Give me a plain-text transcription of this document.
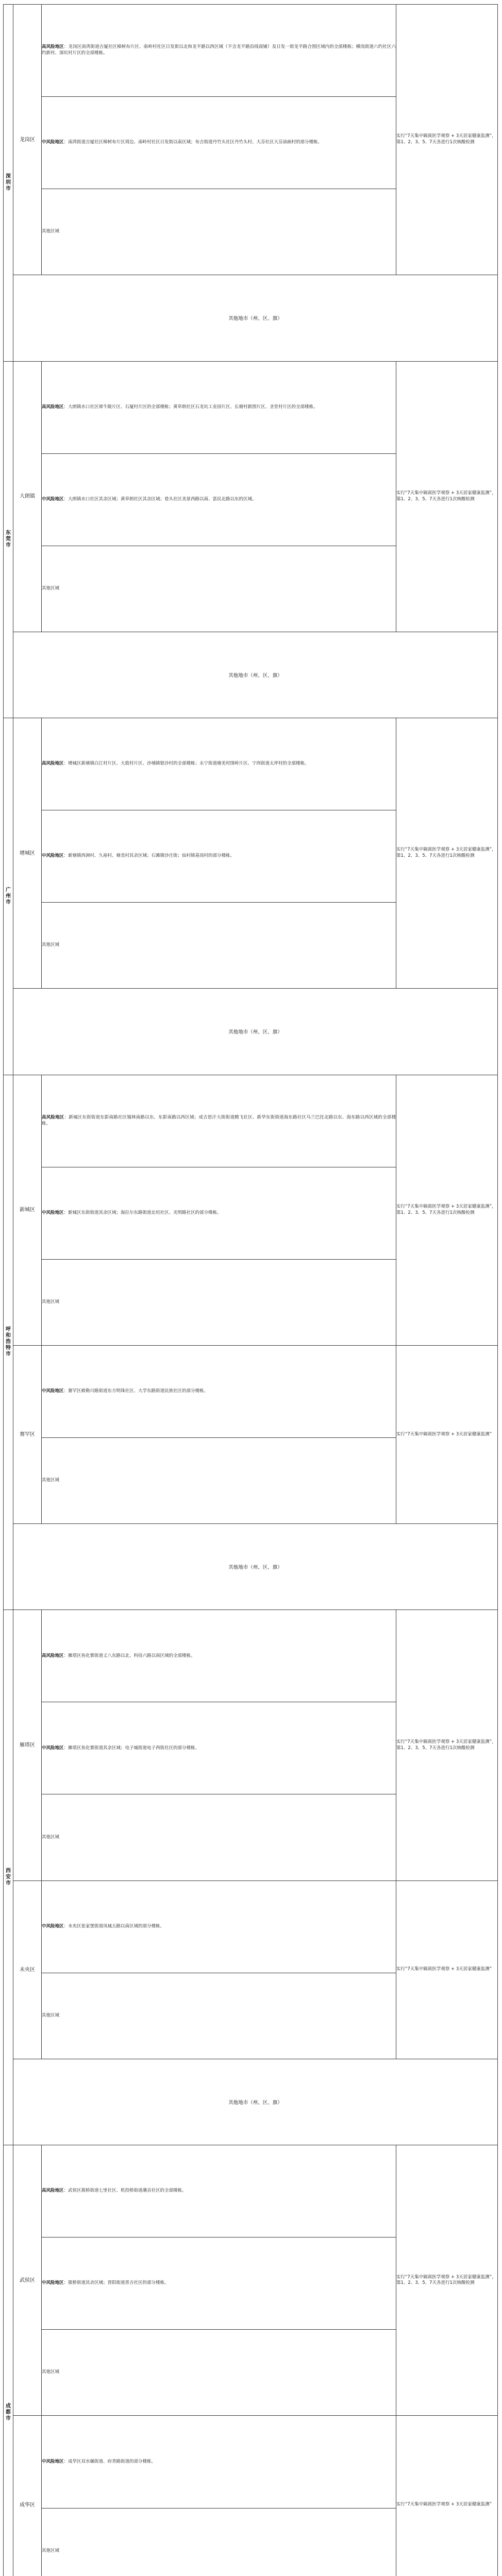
深圳市	龙岗区	高风险地区：龙岗区南湾街道吉厦社区樟树布片区、南岭村社区日发街以北和龙平路以西区域（不含龙平路沿线商铺）及日发一街龙平路合围区域内的全部楼栋；横岗街道六约社区六约新村、深坑村片区的全部楼栋。	实行“7天集中隔离医学观察 + 3天居家健康监测”，第1、2、3、5、7天各进行1次核酸检测
		中风险地区：南湾街道吉厦社区樟树布片区周边、南岭村社区日发街以南区域；布吉街道丹竹头社区丹竹头村、大芬社区大芬油画村的部分楼栋。	
		其他区域	
	其他地市（州、区、旗）		
东莞市	大朗镇	高风险地区：大朗镇水口社区犀牛陂片区、石厦村片区的全部楼栋；黄草朗社区石龙坑工业园片区、长塘村新围片区、圣堂村片区的全部楼栋。	实行“7天集中隔离医学观察 + 3天居家健康监测”，第1、2、3、5、7天各进行1次核酸检测
		中风险地区：大朗镇水口社区其余区域；黄草朗社区其余区域；巷头社区美景西路以南、富民北路以东的区域。	
		其他区域	
	其他地市（州、区、旗）		
广州市	增城区	高风险地区：增城区新塘镇白江村片区、大敦村片区、沙埔镇银沙村的全部楼栋；永宁街道塘美村围岭片区、宁西街道太坪村的全部楼栋。	实行“7天集中隔离医学观察 + 3天居家健康监测”，第1、2、3、5、7天各进行1次核酸检测
		中风险地区：新塘镇西洲村、久裕村、塘美村其余区域；石滩镇沙庄街；仙村镇基岗村的部分楼栋。	
		其他区域	
	其他地市（州、区、旗）		
呼和浩特市	新城区	高风险地区：新城区东街街道东影南路社区锡林南路以东、东影南路以西区域；成吉思汗大街街道腾飞社区、新华东街街道海东路社区乌兰巴托北路以东、海东路以西区域的全部楼栋。	实行“7天集中隔离医学观察 + 3天居家健康监测”，第1、2、3、5、7天各进行1次核酸检测
		中风险地区：新城区东街街道其余区域；海拉尔东路街道北垣社区、光明路社区的部分楼栋。	
		其他区域	
	赛罕区	中风险地区：赛罕区敕勒川路街道东方明珠社区、大学东路街道民族社区的部分楼栋。	实行“7天集中隔离医学观察 + 3天居家健康监测”
		其他区域	
	其他地市（州、区、旗）		
西安市	雁塔区	高风险地区：雁塔区鱼化寨街道丈八东路以北、科技六路以南区域的全部楼栋。	实行“7天集中隔离医学观察 + 3天居家健康监测”，第1、2、3、5、7天各进行1次核酸检测
		中风险地区：雁塔区鱼化寨街道其余区域；电子城街道电子西街社区的部分楼栋。	
		其他区域	
	未央区	中风险地区：未央区张家堡街道凤城五路以南区域的部分楼栋。	实行“7天集中隔离医学观察 + 3天居家健康监测”
		其他区域	
	其他地市（州、区、旗）		
成都市	武侯区	高风险地区：武侯区簇桥街道七里社区、机投桥街道潮音社区的全部楼栋。	实行“7天集中隔离医学观察 + 3天居家健康监测”，第1、2、3、5、7天各进行1次核酸检测
		中风险地区：簇桥街道其余区域；晋阳街道晋吉社区的部分楼栋。	
		其他区域	
	成华区	中风险地区：成华区双水碾街道、府青路街道的部分楼栋。	实行“7天集中隔离医学观察 + 3天居家健康监测”
		其他区域	
